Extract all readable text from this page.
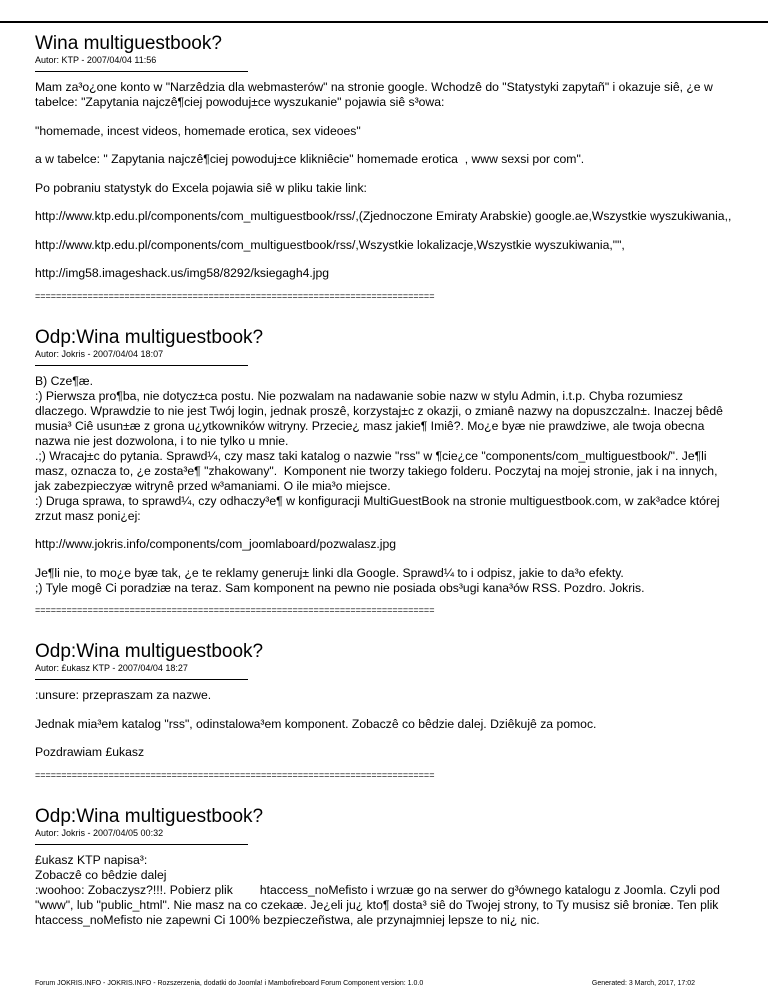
Wina multiguestbook?
Autor: KTP - 2007/04/04 11:56

Mam za³o¿one konto w "Narzêdzia dla webmasterów" na stronie google. Wchodzê do "Statystyki zapytañ" i okazuje siê, ¿e w tabelce: "Zapytania najczê¶ciej powoduj±ce wyszukanie" pojawia siê s³owa:

"homemade, incest videos, homemade erotica, sex videoes"

a w tabelce: " Zapytania najczê¶ciej powoduj±ce klikniêcie" homemade erotica  , www sexsi por com".

Po pobraniu statystyk do Excela pojawia siê w pliku takie link:

http://www.ktp.edu.pl/components/com_multiguestbook/rss/,(Zjednoczone Emiraty Arabskie) google.ae,Wszystkie wyszukiwania,,

http://www.ktp.edu.pl/components/com_multiguestbook/rss/,Wszystkie lokalizacje,Wszystkie wyszukiwania,"",

http://img58.imageshack.us/img58/8292/ksiegagh4.jpg

============================================================================
Odp:Wina multiguestbook?
Autor: Jokris - 2007/04/04 18:07

B) Cze¶æ.
:) Pierwsza pro¶ba, nie dotycz±ca postu. Nie pozwalam na nadawanie sobie nazw w stylu Admin, i.t.p. Chyba rozumiesz dlaczego. Wprawdzie to nie jest Twój login, jednak proszê, korzystaj±c z okazji, o zmianê nazwy na dopuszczaln±. Inaczej bêdê musia³ Ciê usun±æ z grona u¿ytkowników witryny. Przecie¿ masz jakie¶ Imiê?. Mo¿e byæ nie prawdziwe, ale twoja obecna nazwa nie jest dozwolona, i to nie tylko u mnie.
.;) Wracaj±c do pytania. Sprawd¼, czy masz taki katalog o nazwie "rss" w ¶cie¿ce "components/com_multiguestbook/". Je¶li masz, oznacza to, ¿e zosta³e¶ "zhakowany".  Komponent nie tworzy takiego folderu. Poczytaj na mojej stronie, jak i na innych, jak zabezpieczyæ witrynê przed w³amaniami. O ile mia³o miejsce.
:) Druga sprawa, to sprawd¼, czy odhaczy³e¶ w konfiguracji MultiGuestBook na stronie multiguestbook.com, w zak³adce której zrzut masz poni¿ej:

http://www.jokris.info/components/com_joomlaboard/pozwalasz.jpg

Je¶li nie, to mo¿e byæ tak, ¿e te reklamy generuj± linki dla Google. Sprawd¼ to i odpisz, jakie to da³o efekty.
;) Tyle mogê Ci poradziæ na teraz. Sam komponent na pewno nie posiada obs³ugi kana³ów RSS. Pozdro. Jokris.

============================================================================
Odp:Wina multiguestbook?
Autor: £ukasz KTP - 2007/04/04 18:27

:unsure: przepraszam za nazwe.

Jednak mia³em katalog "rss", odinstalowa³em komponent. Zobaczê co bêdzie dalej. Dziêkujê za pomoc.

Pozdrawiam £ukasz

============================================================================
Odp:Wina multiguestbook?
Autor: Jokris - 2007/04/05 00:32

£ukasz KTP napisa³:
Zobaczê co bêdzie dalej
:woohoo: Zobaczysz?!!!. Pobierz plik        htaccess_noMefisto i wrzuæ go na serwer do g³ównego katalogu z Joomla. Czyli pod "www", lub "public_html". Nie masz na co czekaæ. Je¿eli ju¿ kto¶ dosta³ siê do Twojej strony, to Ty musisz siê broniæ. Ten plik htaccess_noMefisto nie zapewni Ci 100% bezpieczeñstwa, ale przynajmniej lepsze to ni¿ nic.

Forum JOKRIS.INFO - JOKRIS.INFO - Rozszerzenia, dodatki do Joomla! i Mambofireboard Forum Component version: 1.0.0	Generated: 3 March, 2017, 17:02
